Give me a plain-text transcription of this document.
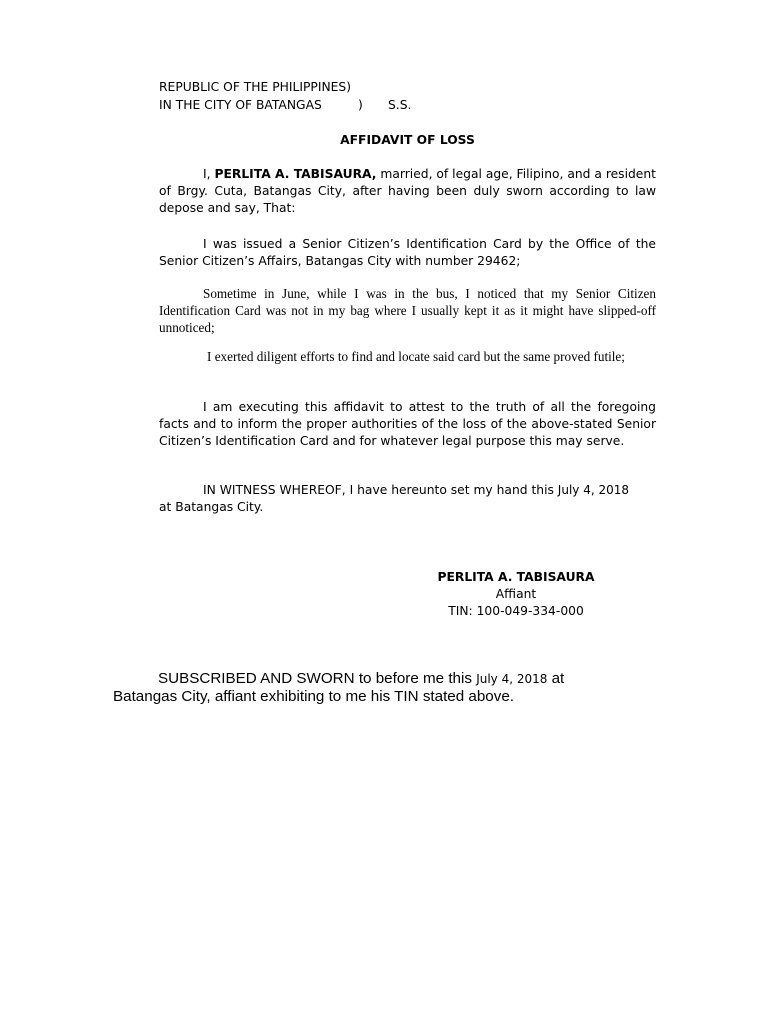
REPUBLIC OF THE PHILIPPINES)
IN THE CITY OF BATANGAS	) S.S.
AFFIDAVIT OF LOSS

I, PERLITA A. TABISAURA, married, of legal age, Filipino, and a resident of Brgy. Cuta, Batangas City, after having been duly sworn according to law depose and say, That:

I was issued a Senior Citizen’s Identification Card by the Office of the Senior Citizen’s Affairs, Batangas City with number 29462;

Sometime in June, while I was in the bus, I noticed that my Senior Citizen Identification Card was not in my bag where I usually kept it as it might have slipped-off unnoticed;

I exerted diligent efforts to find and locate said card but the same proved futile;

I am executing this affidavit to attest to the truth of all the foregoing facts and to inform the proper authorities of the loss of the above-stated Senior Citizen’s Identification Card and for whatever legal purpose this may serve.

IN WITNESS WHEREOF, I have hereunto set my hand this July 4, 2018
at Batangas City.

PERLITA A. TABISAURA
Affiant
TIN: 100-049-334-000
SUBSCRIBED AND SWORN to before me this July 4, 2018 at
Batangas City, affiant exhibiting to me his TIN stated above.
